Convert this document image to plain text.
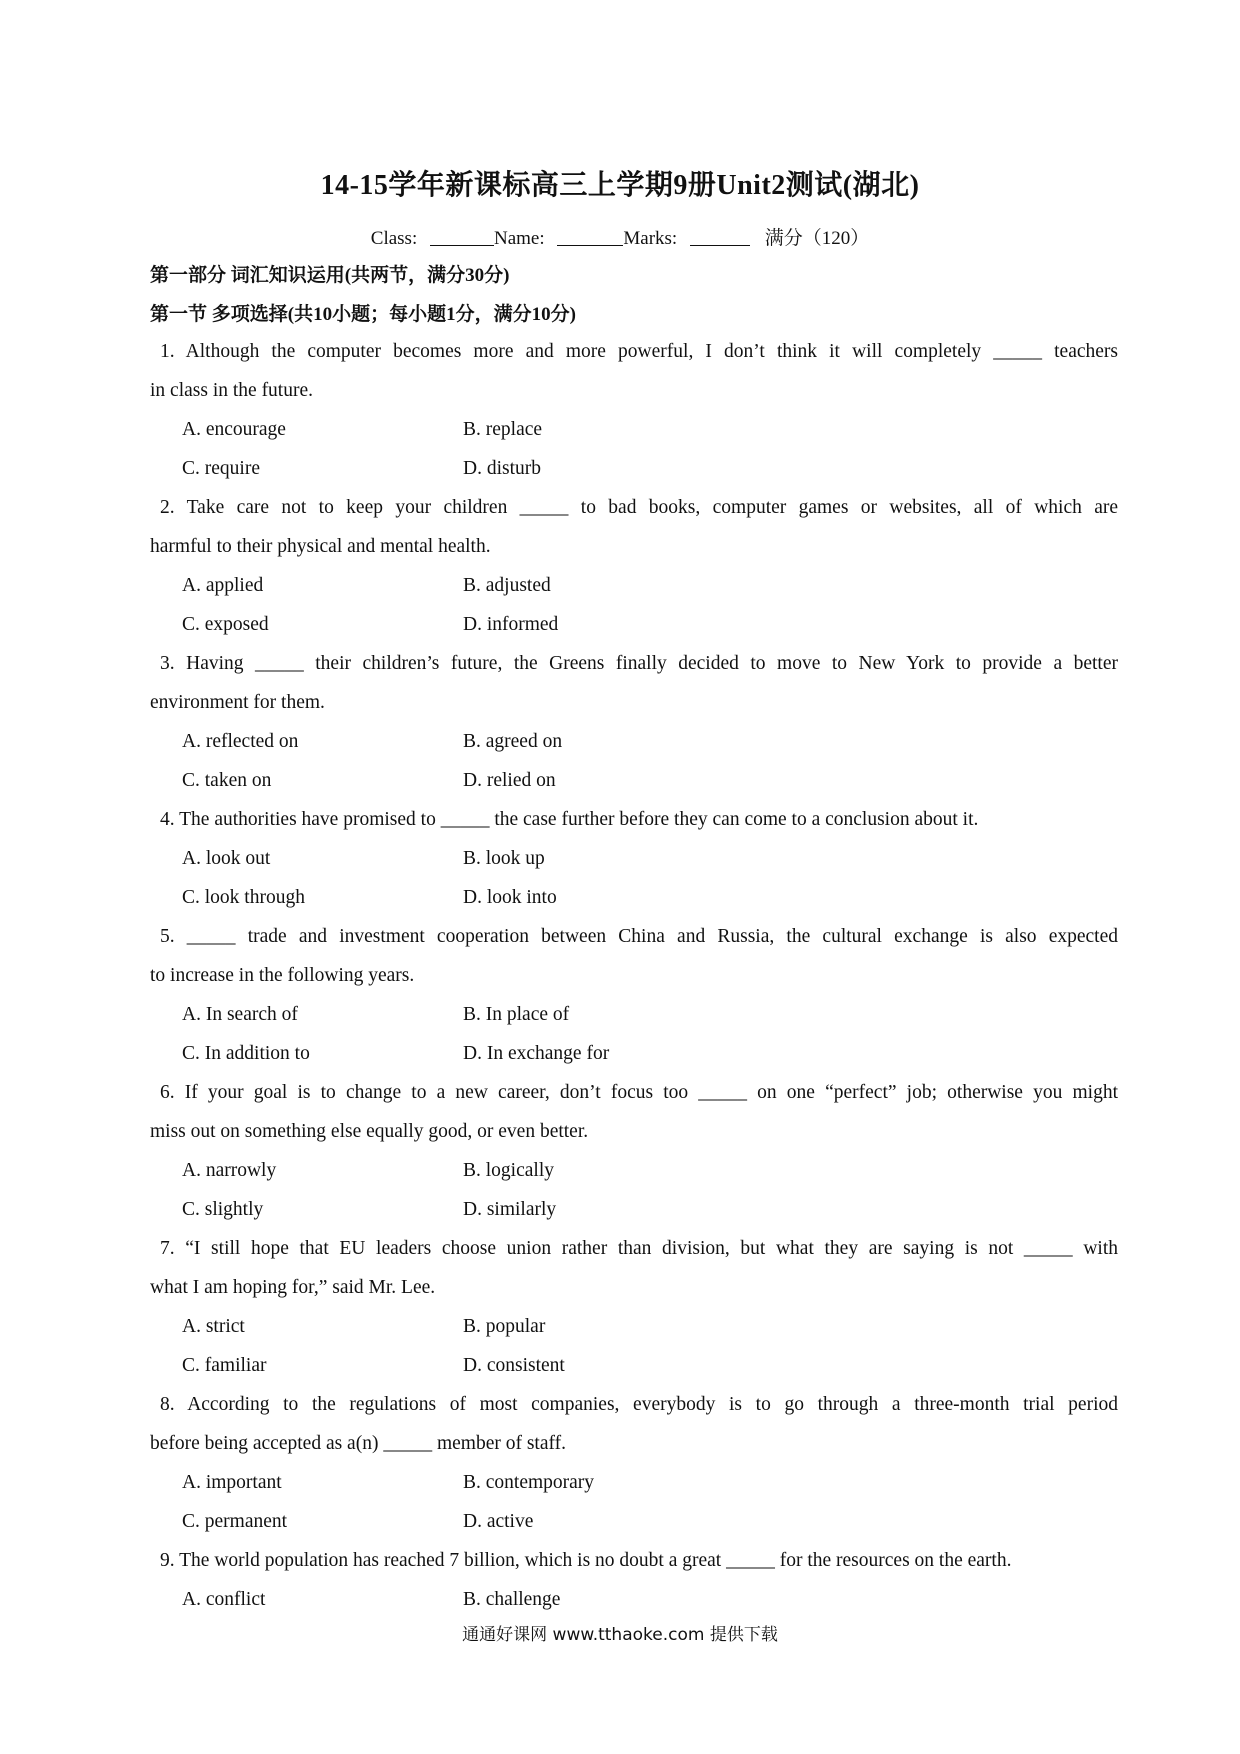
14-15学年新课标高三上学期9册Unit2测试(湖北)
Class:	Name:	Marks:	满分（120）
第一部分 词汇知识运用(共两节，满分30分)
第一节 多项选择(共10小题；每小题1分，满分10分)
1. Although the computer becomes more and more powerful, I don’t think it will completely _____ teachers
in class in the future.
A. encourage	B. replace
C. require	D. disturb
2. Take care not to keep your children _____ to bad books, computer games or websites, all of which are
harmful to their physical and mental health.
A. applied	B. adjusted
C. exposed	D. informed
3. Having _____ their children’s future, the Greens finally decided to move to New York to provide a better
environment for them.
A. reflected on	B. agreed on
C. taken on	D. relied on
4. The authorities have promised to _____ the case further before they can come to a conclusion about it.
A. look out	B. look up
C. look through	D. look into
5. _____ trade and investment cooperation between China and Russia, the cultural exchange is also expected
to increase in the following years.
A. In search of	B. In place of
C. In addition to	D. In exchange for
6. If your goal is to change to a new career, don’t focus too _____ on one “perfect” job; otherwise you might
miss out on something else equally good, or even better.
A. narrowly	B. logically
C. slightly	D. similarly
7. “I still hope that EU leaders choose union rather than division, but what they are saying is not _____ with
what I am hoping for,” said Mr. Lee.
A. strict	B. popular
C. familiar	D. consistent
8. According to the regulations of most companies, everybody is to go through a three-month trial period
before being accepted as a(n) _____ member of staff.
A. important	B. contemporary
C. permanent	D. active
9. The world population has reached 7 billion, which is no doubt a great _____ for the resources on the earth.
A. conflict	B. challenge
通通好课网 www.tthaoke.com 提供下载
